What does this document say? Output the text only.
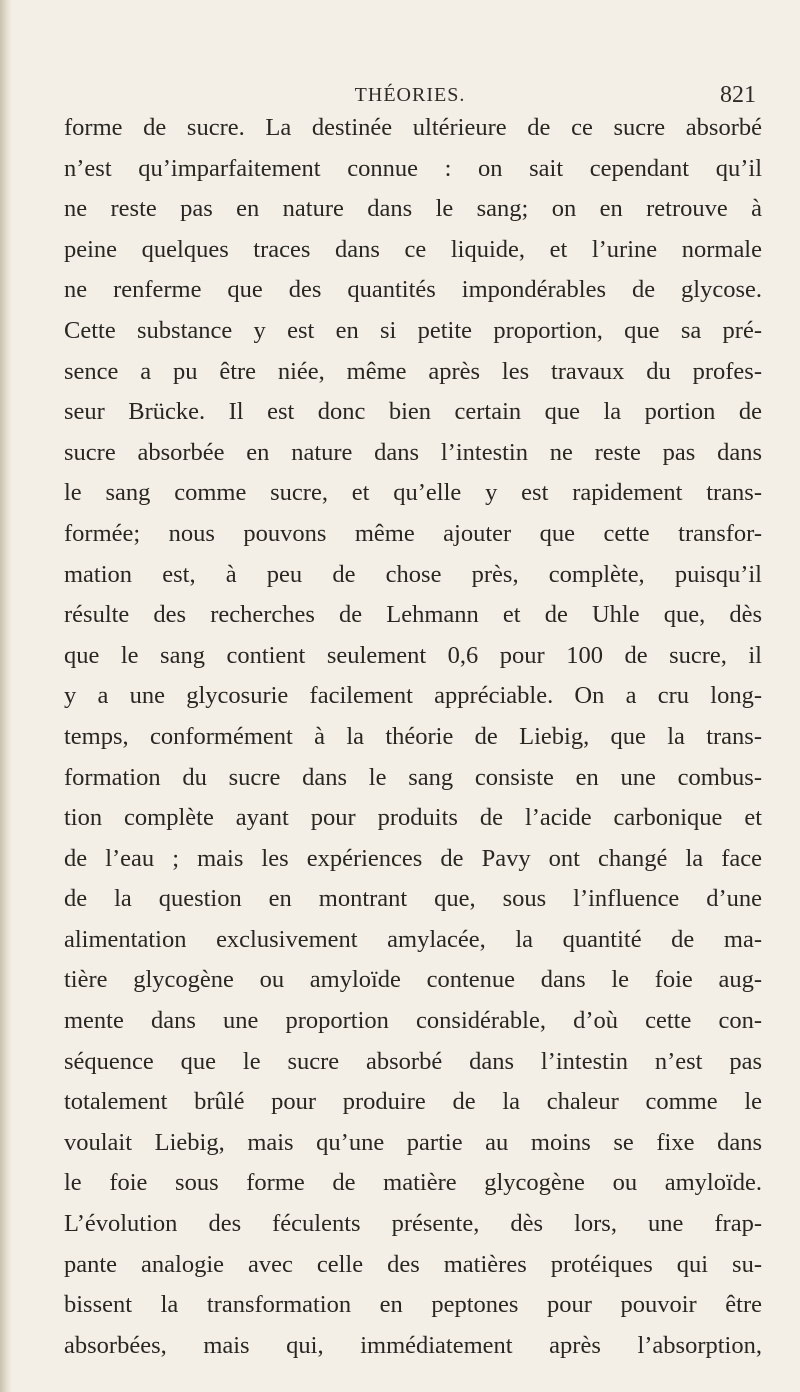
THÉORIES.	821
forme de sucre. La destinée ultérieure de ce sucre absorbé
n’est qu’imparfaitement connue : on sait cependant qu’il
ne reste pas en nature dans le sang; on en retrouve à
peine quelques traces dans ce liquide, et l’urine normale
ne renferme que des quantités impondérables de glycose.
Cette substance y est en si petite proportion, que sa pré-
sence a pu être niée, même après les travaux du profes-
seur Brücke. Il est donc bien certain que la portion de
sucre absorbée en nature dans l’intestin ne reste pas dans
le sang comme sucre, et qu’elle y est rapidement trans-
formée; nous pouvons même ajouter que cette transfor-
mation est, à peu de chose près, complète, puisqu’il
résulte des recherches de Lehmann et de Uhle que, dès
que le sang contient seulement 0,6 pour 100 de sucre, il
y a une glycosurie facilement appréciable. On a cru long-
temps, conformément à la théorie de Liebig, que la trans-
formation du sucre dans le sang consiste en une combus-
tion complète ayant pour produits de l’acide carbonique et
de l’eau ; mais les expériences de Pavy ont changé la face
de la question en montrant que, sous l’influence d’une
alimentation exclusivement amylacée, la quantité de ma-
tière glycogène ou amyloïde contenue dans le foie aug-
mente dans une proportion considérable, d’où cette con-
séquence que le sucre absorbé dans l’intestin n’est pas
totalement brûlé pour produire de la chaleur comme le
voulait Liebig, mais qu’une partie au moins se fixe dans
le foie sous forme de matière glycogène ou amyloïde.
L’évolution des féculents présente, dès lors, une frap-
pante analogie avec celle des matières protéiques qui su-
bissent la transformation en peptones pour pouvoir être
absorbées, mais qui, immédiatement après l’absorption,
